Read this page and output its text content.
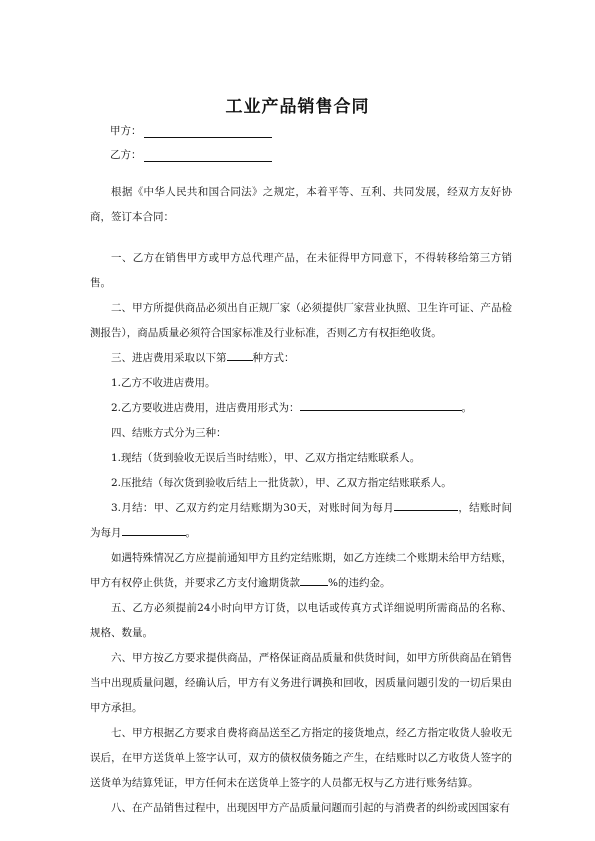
工业产品销售合同
甲方：
乙方：

根据《中华人民共和国合同法》之规定，本着平等、互利、共同发展，经双方友好协商，签订本合同：

一、乙方在销售甲方或甲方总代理产品，在未征得甲方同意下，不得转移给第三方销售。

二、甲方所提供商品必须出自正规厂家（必须提供厂家营业执照、卫生许可证、产品检测报告），商品质量必须符合国家标准及行业标准，否则乙方有权拒绝收货。

三、进店费用采取以下第 种方式：

1.乙方不收进店费用。

2.乙方要收进店费用，进店费用形式为：	。

四、结账方式分为三种：

1.现结（货到验收无误后当时结账），甲、乙双方指定结账联系人。

2.压批结（每次货到验收后结上一批货款），甲、乙双方指定结账联系人。

3.月结：甲、乙双方约定月结账期为30天，对账时间为每月	，结账时间为每月	。

如遇特殊情况乙方应提前通知甲方且约定结账期，如乙方连续二个账期未给甲方结账，甲方有权停止供货，并要求乙方支付逾期货款	%的违约金。

五、乙方必须提前24小时向甲方订货，以电话或传真方式详细说明所需商品的名称、规格、数量。

六、甲方按乙方要求提供商品，严格保证商品质量和供货时间，如甲方所供商品在销售当中出现质量问题，经确认后，甲方有义务进行调换和回收，因质量问题引发的一切后果由甲方承担。

七、甲方根据乙方要求自费将商品送至乙方指定的接货地点，经乙方指定收货人验收无误后，在甲方送货单上签字认可，双方的债权债务随之产生，在结账时以乙方收货人签字的送货单为结算凭证，甲方任何未在送货单上签字的人员都无权与乙方进行账务结算。

八、在产品销售过程中，出现因甲方产品质量问题而引起的与消费者的纠纷或因国家有
